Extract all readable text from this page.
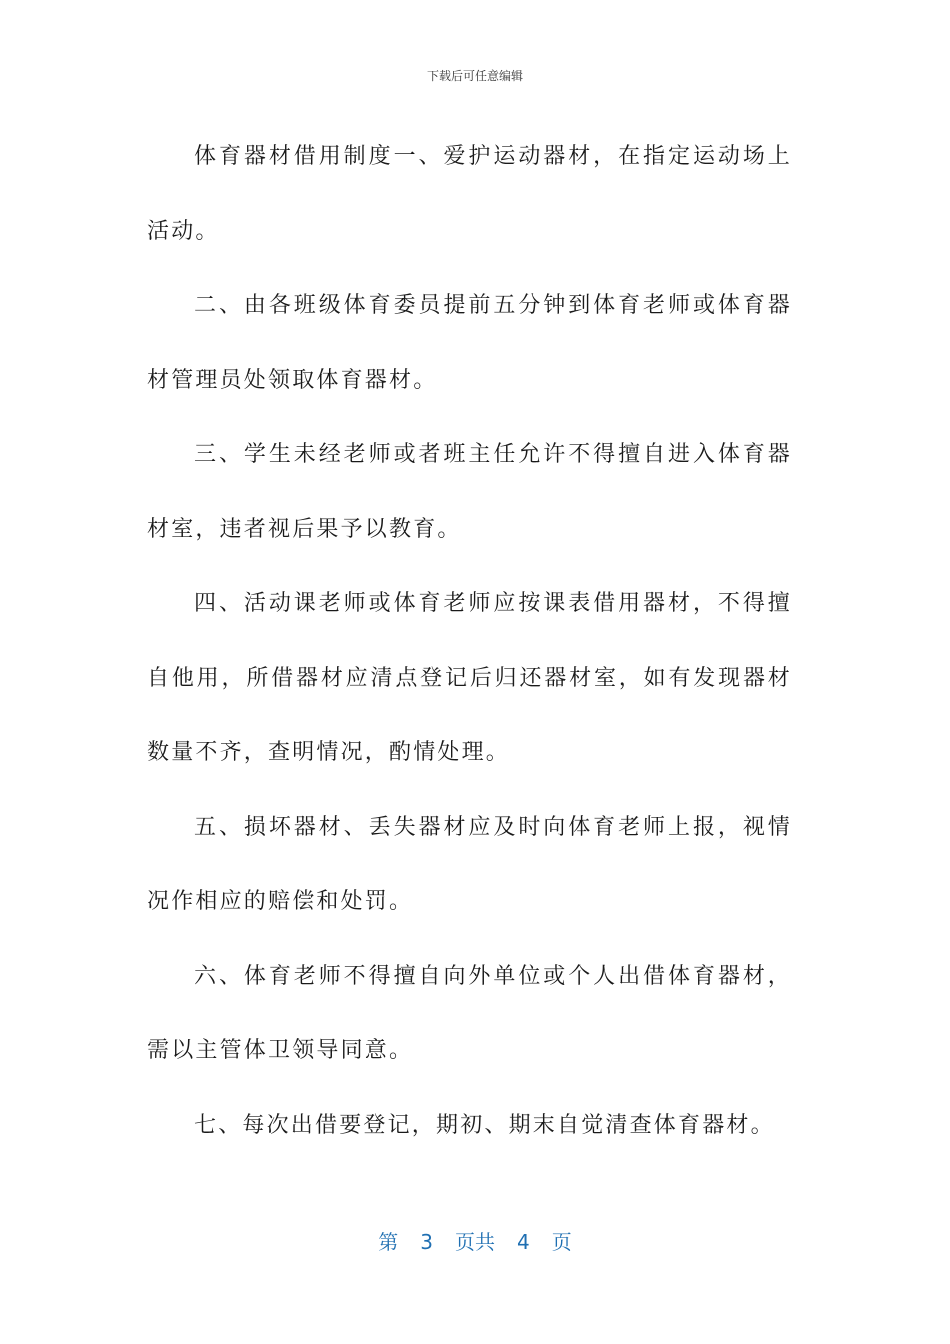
下载后可任意编辑

体育器材借用制度一、爱护运动器材，在指定运动场上活动。

二、由各班级体育委员提前五分钟到体育老师或体育器材管理员处领取体育器材。

三、学生未经老师或者班主任允许不得擅自进入体育器材室，违者视后果予以教育。

四、活动课老师或体育老师应按课表借用器材，不得擅自他用，所借器材应清点登记后归还器材室，如有发现器材数量不齐，查明情况，酌情处理。

五、损坏器材、丢失器材应及时向体育老师上报，视情况作相应的赔偿和处罚。

六、体育老师不得擅自向外单位或个人出借体育器材，需以主管体卫领导同意。

七、每次出借要登记，期初、期末自觉清查体育器材。

第 3 页共 4 页
